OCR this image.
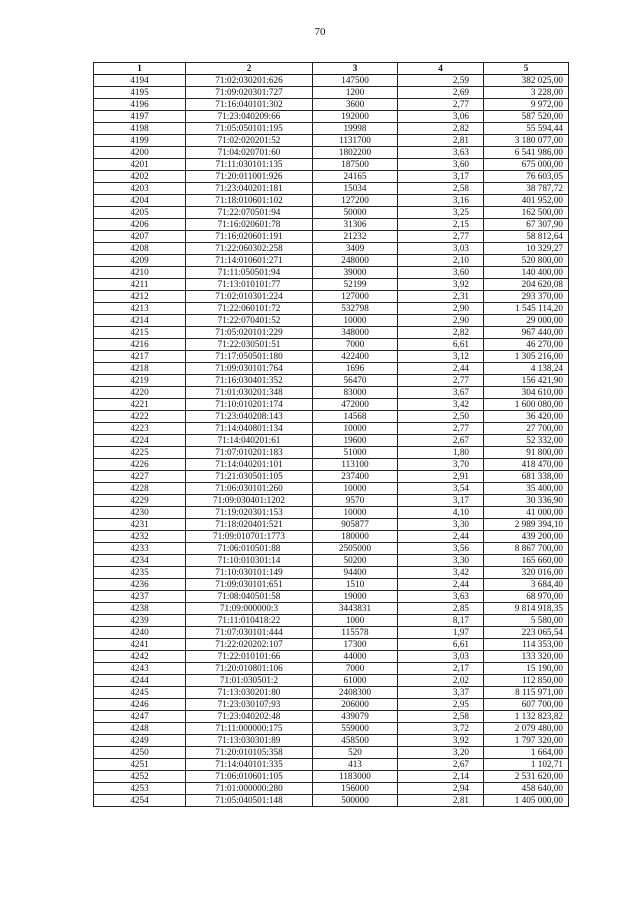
70
1	2	3	4	5
4194	71:02:030201:626	147500	2,59	382 025,00
4195	71:09:020301:727	1200	2,69	3 228,00
4196	71:16:040101:302	3600	2,77	9 972,00
4197	71:23:040209:66	192000	3,06	587 520,00
4198	71:05:050101:195	19998	2,82	55 594,44
4199	71:02:020201:52	1131700	2,81	3 180 077,00
4200	71:04:020701:60	1802200	3,63	6 541 986,00
4201	71:11:030101:135	187500	3,60	675 000,00
4202	71:20:011001:926	24165	3,17	76 603,05
4203	71:23:040201:181	15034	2,58	38 787,72
4204	71:18:010601:102	127200	3,16	401 952,00
4205	71:22:070501:94	50000	3,25	162 500,00
4206	71:16:020601:78	31306	2,15	67 307,90
4207	71:16:020601:191	21232	2,77	58 812,64
4208	71:22:060302:258	3409	3,03	10 329,27
4209	71:14:010601:271	248000	2,10	520 800,00
4210	71:11:050501:94	39000	3,60	140 400,00
4211	71:13:010101:77	52199	3,92	204 620,08
4212	71:02:010301:224	127000	2,31	293 370,00
4213	71:22:060101:72	532798	2,90	1 545 114,20
4214	71:22:070401:52	10000	2,90	29 000,00
4215	71:05:020101:229	348000	2,82	967 440,00
4216	71:22:030501:51	7000	6,61	46 270,00
4217	71:17:050501:180	422400	3,12	1 305 216,00
4218	71:09:030101:764	1696	2,44	4 138,24
4219	71:16:030401:352	56470	2,77	156 421,90
4220	71:01:030201:348	83000	3,67	304 610,00
4221	71:10:010201:174	472000	3,42	1 600 080,00
4222	71:23:040208:143	14568	2,50	36 420,00
4223	71:14:040801:134	10000	2,77	27 700,00
4224	71:14:040201:61	19600	2,67	52 332,00
4225	71:07:010201:183	51000	1,80	91 800,00
4226	71:14:040201:101	113100	3,70	418 470,00
4227	71:21:030501:105	237400	2,91	681 338,00
4228	71:06:030101:260	10000	3,54	35 400,00
4229	71:09:030401:1202	9570	3,17	30 336,90
4230	71:19:020301:153	10000	4,10	41 000,00
4231	71:18:020401:521	905877	3,30	2 989 394,10
4232	71:09:010701:1773	180000	2,44	439 200,00
4233	71:06:010501:88	2505000	3,56	8 867 700,00
4234	71:10:010301:14	50200	3,30	165 660,00
4235	71:10:030101:149	94400	3,42	320 016,00
4236	71:09:030101:651	1510	2,44	3 684,40
4237	71:08:040501:58	19000	3,63	68 970,00
4238	71:09:000000:3	3443831	2,85	9 814 918,35
4239	71:11:010418:22	1000	8,17	5 580,00
4240	71:07:030101:444	115578	1,97	223 065,54
4241	71:22:020202:107	17300	6,61	114 353,00
4242	71:22:010101:66	44000	3,03	133 320,00
4243	71:20:010801:106	7000	2,17	15 190,00
4244	71:01:030501:2	61000	2,02	112 850,00
4245	71:13:030201:80	2408300	3,37	8 115 971,00
4246	71:23:030107:93	206000	2,95	607 700,00
4247	71:23:040202:48	439079	2,58	1 132 823,82
4248	71:11:000000:175	559000	3,72	2 079 480,00
4249	71:13:030301:89	458500	3,92	1 797 320,00
4250	71:20:010105:358	520	3,20	1 664,00
4251	71:14:040101:335	413	2,67	1 102,71
4252	71:06:010601:105	1183000	2,14	2 531 620,00
4253	71:01:000000:280	156000	2,94	458 640,00
4254	71:05:040501:148	500000	2,81	1 405 000,00
